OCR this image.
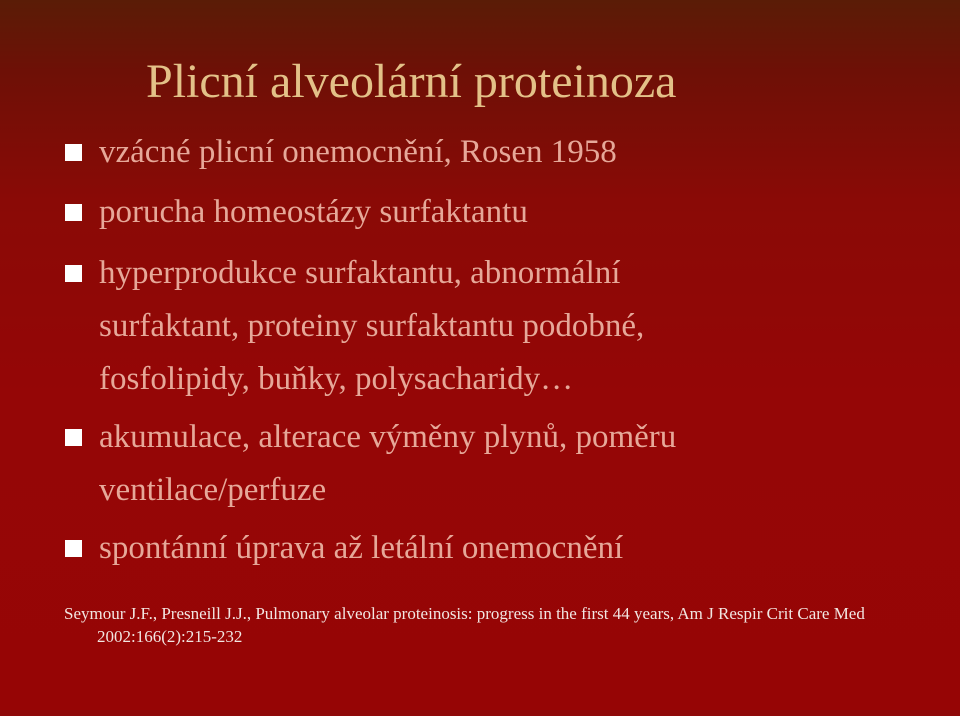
Plicní alveolární proteinoza
vzácné plicní onemocnění, Rosen 1958
porucha homeostázy surfaktantu
hyperprodukce surfaktantu, abnormální
surfaktant, proteiny surfaktantu podobné,
fosfolipidy, buňky, polysacharidy…
akumulace, alterace výměny plynů, poměru
ventilace/perfuze
spontánní úprava až letální onemocnění
Seymour J.F., Presneill J.J., Pulmonary alveolar proteinosis: progress in the first 44 years, Am J Respir Crit Care Med
2002:166(2):215-232
